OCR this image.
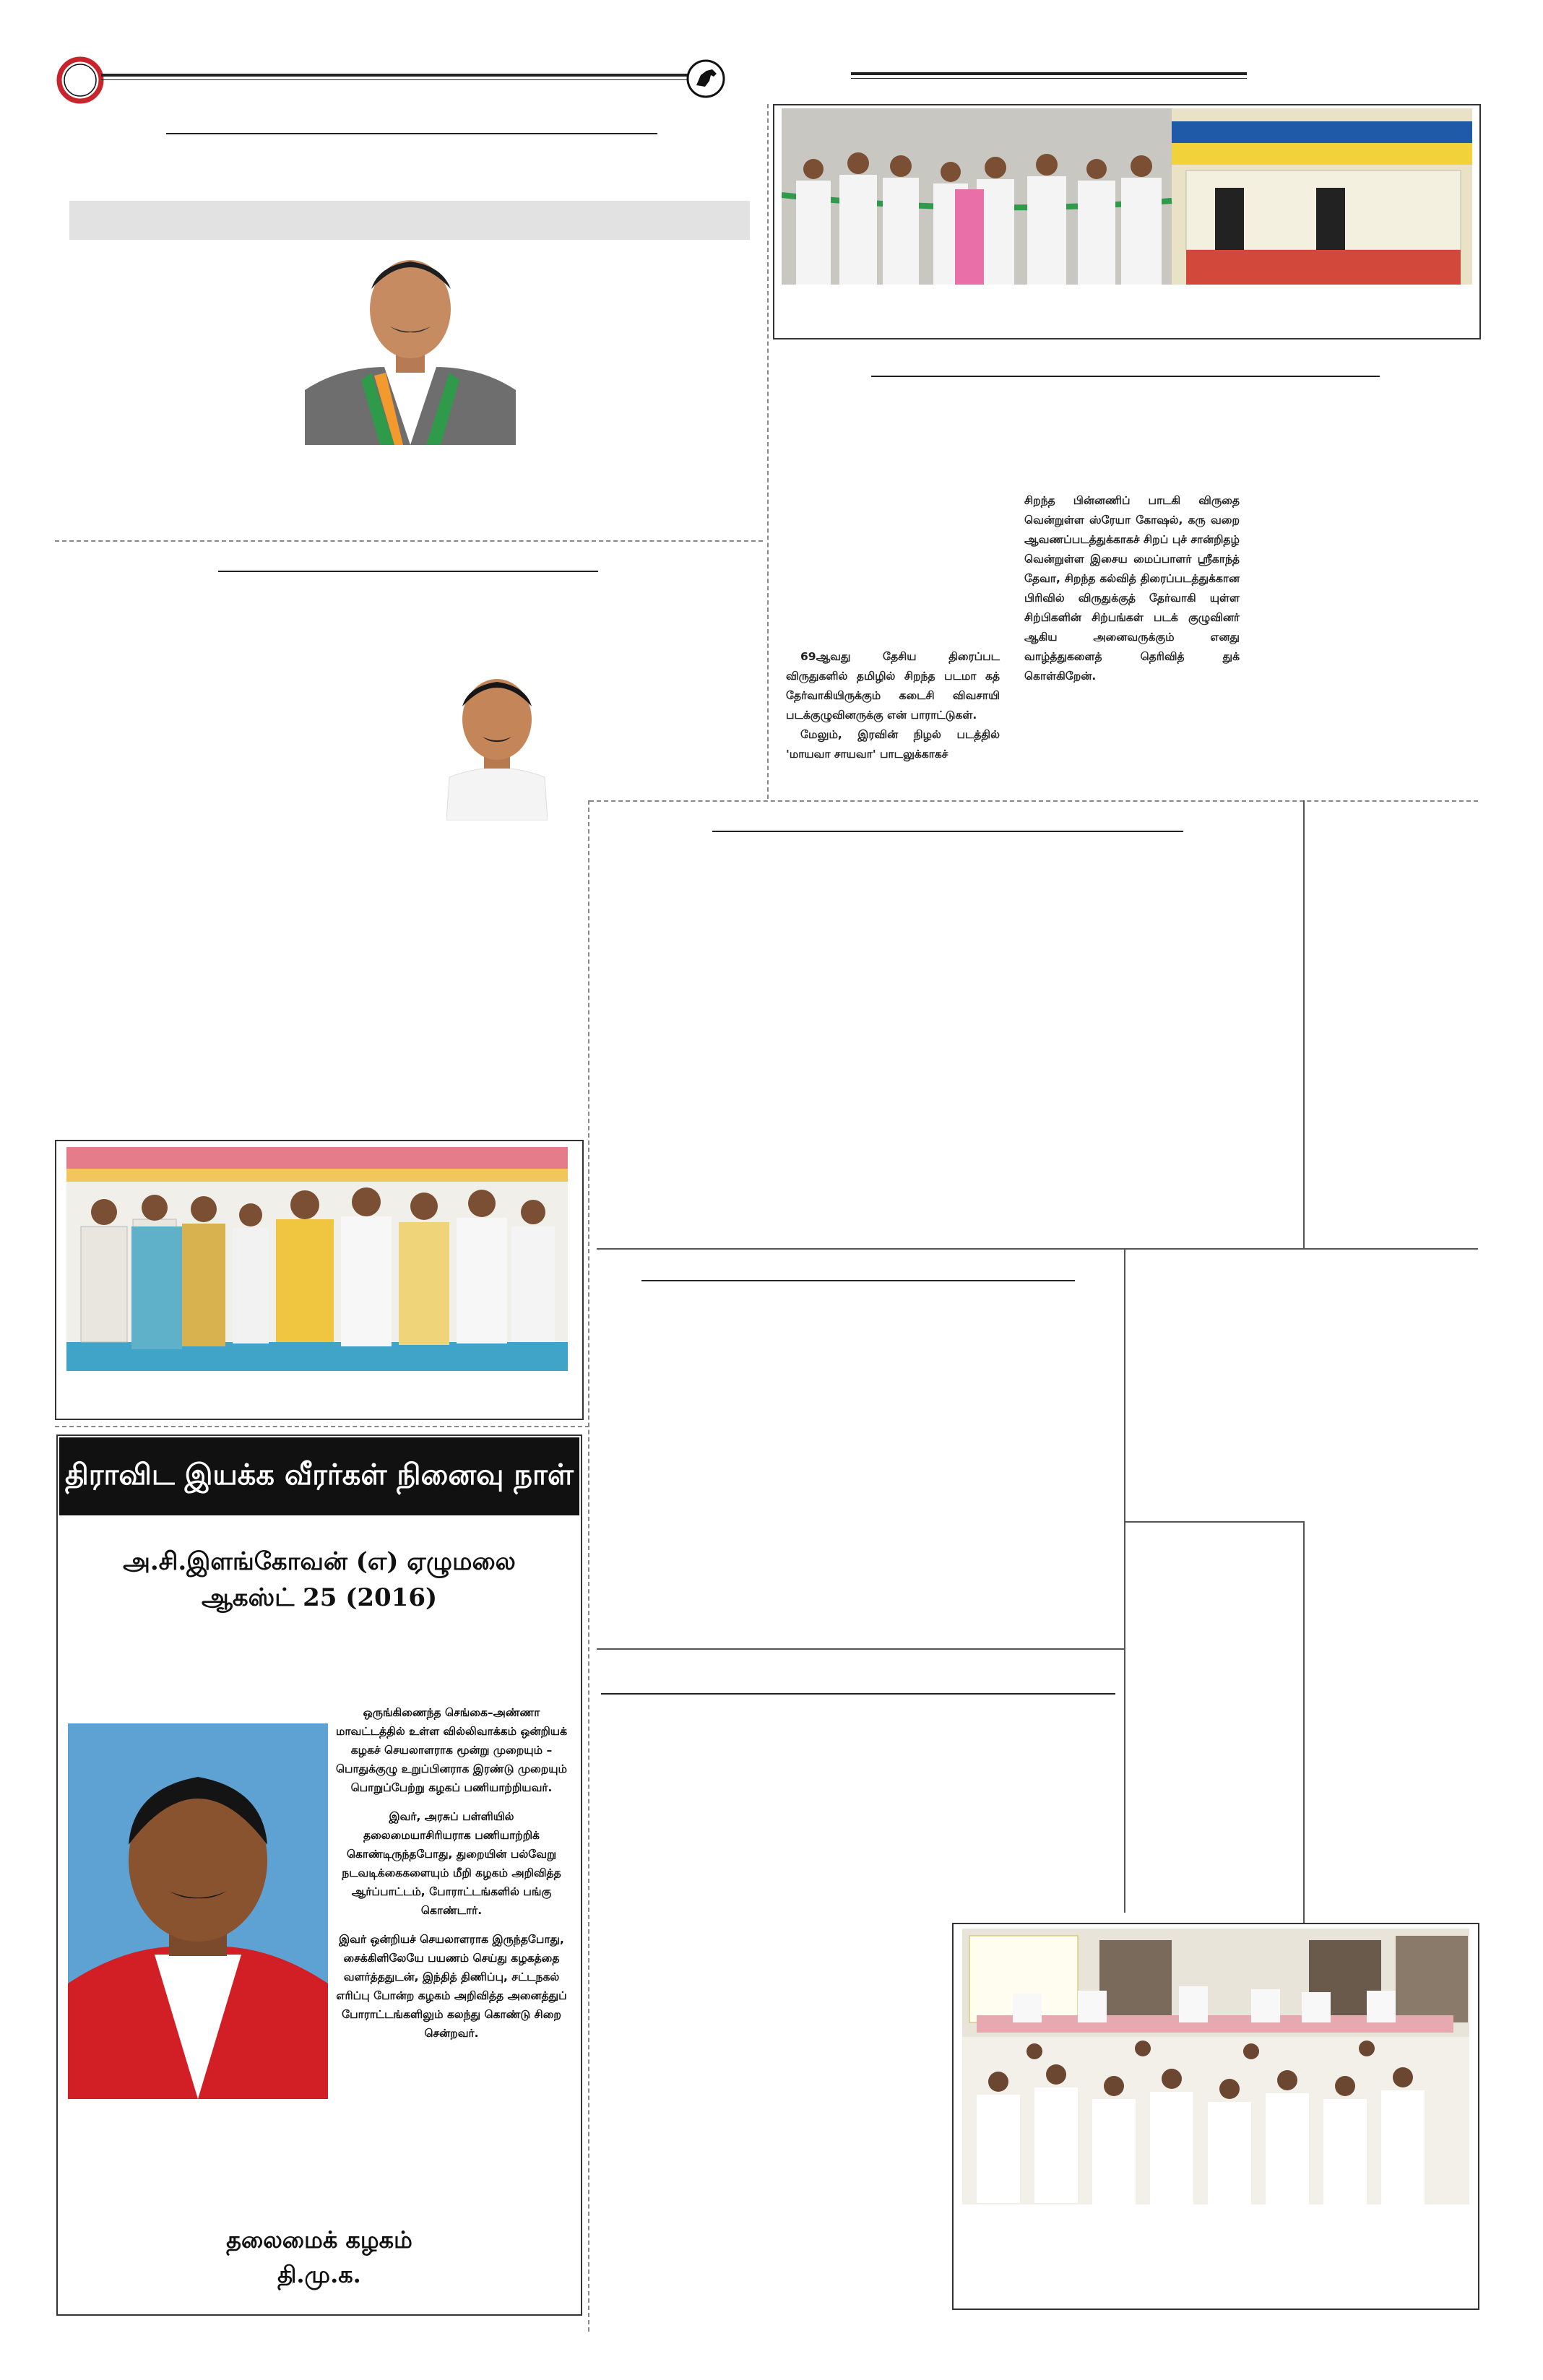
திராவிட இயக்க வீரர்கள் நினைவு நாள்
அ.சி.இளங்கோவன் (எ) ஏழுமலை
ஆகஸ்ட் 25 (2016)

ஒருங்கிணைந்த செங்கை–அண்ணா மாவட்டத்தில் உள்ள வில்லிவாக்கம் ஒன்றியக் கழகச் செயலாளராக மூன்று முறையும் – பொதுக்குழு உறுப்பினராக இரண்டு முறையும் பொறுப்பேற்று கழகப் பணியாற்றியவர்.

இவர், அரசுப் பள்ளியில் தலைமையாசிரியராக பணியாற்றிக் கொண்டிருந்தபோது, துறையின் பல்வேறு நடவடிக்கைகளையும் மீறி கழகம் அறிவித்த ஆர்ப்பாட்டம், போராட்டங்களில் பங்கு கொண்டார்.

இவர் ஒன்றியச் செயலாளராக இருந்தபோது, சைக்கிளிலேயே பயணம் செய்து கழகத்தை வளர்த்ததுடன், இந்தித் திணிப்பு, சட்டநகல் எரிப்பு போன்ற கழகம் அறிவித்த அனைத்துப் போராட்டங்களிலும் கலந்து கொண்டு சிறை சென்றவர்.

தலைமைக் கழகம்
தி.மு.க.

69ஆவது தேசிய திரைப்பட விருதுகளில் தமிழில் சிறந்த படமா கத் தேர்வாகியிருக்கும் கடைசி விவசாயி படக்குழுவினருக்கு என் பாராட்டுகள்.

மேலும், இரவின் நிழல் படத்தில் 'மாயவா சாயவா' பாடலுக்காகச்

சிறந்த பின்னணிப் பாடகி விருதை வென்றுள்ள ஸ்ரேயா கோஷல், கரு வறை ஆவணப்படத்துக்காகச் சிறப் புச் சான்றிதழ் வென்றுள்ள இசைய மைப்பாளர் ஸ்ரீகாந்த் தேவா, சிறந்த கல்வித் திரைப்படத்துக்கான பிரிவில் விருதுக்குத் தேர்வாகி யுள்ள சிற்பிகளின் சிற்பங்கள் படக் குழுவினர் ஆகிய அனைவருக்கும் எனது வாழ்த்துகளைத் தெரிவித் துக் கொள்கிறேன்.
